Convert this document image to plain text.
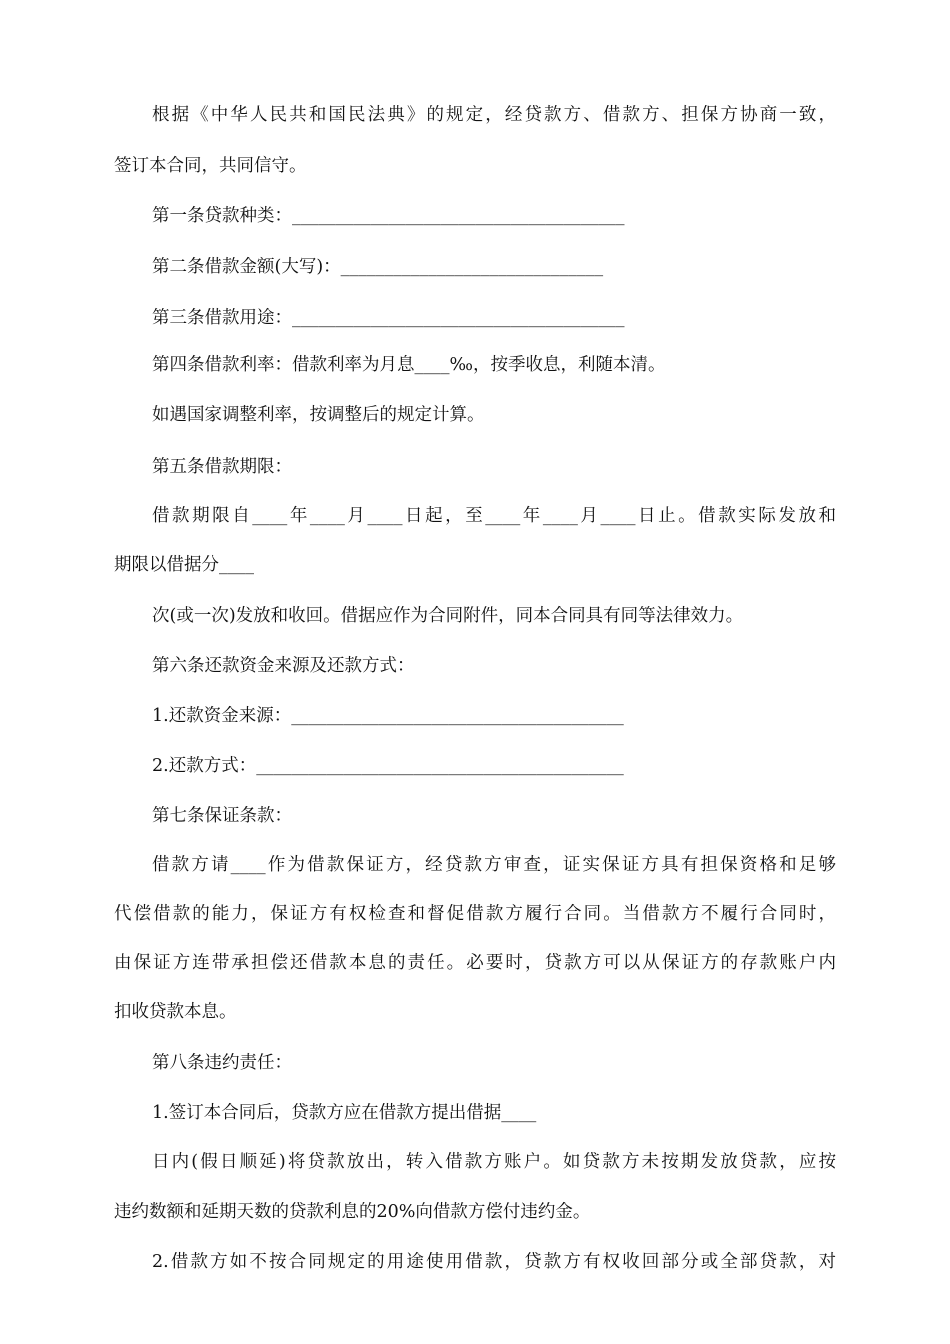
根据《中华人民共和国民法典》的规定，经贷款方、借款方、担保方协商一致，
签订本合同，共同信守。
第一条贷款种类：______________________________________
第二条借款金额(大写)：______________________________
第三条借款用途：______________________________________
第四条借款利率：借款利率为月息____‰，按季收息，利随本清。
如遇国家调整利率，按调整后的规定计算。
第五条借款期限：
借款期限自____年____月____日起，至____年____月____日止。借款实际发放和
期限以借据分____
次(或一次)发放和收回。借据应作为合同附件，同本合同具有同等法律效力。
第六条还款资金来源及还款方式：
1.还款资金来源：______________________________________
2.还款方式：__________________________________________
第七条保证条款：
借款方请____作为借款保证方，经贷款方审查，证实保证方具有担保资格和足够
代偿借款的能力，保证方有权检查和督促借款方履行合同。当借款方不履行合同时，
由保证方连带承担偿还借款本息的责任。必要时，贷款方可以从保证方的存款账户内
扣收贷款本息。
第八条违约责任：
1.签订本合同后，贷款方应在借款方提出借据____
日内(假日顺延)将贷款放出，转入借款方账户。如贷款方未按期发放贷款，应按
违约数额和延期天数的贷款利息的20%向借款方偿付违约金。
2.借款方如不按合同规定的用途使用借款，贷款方有权收回部分或全部贷款，对
